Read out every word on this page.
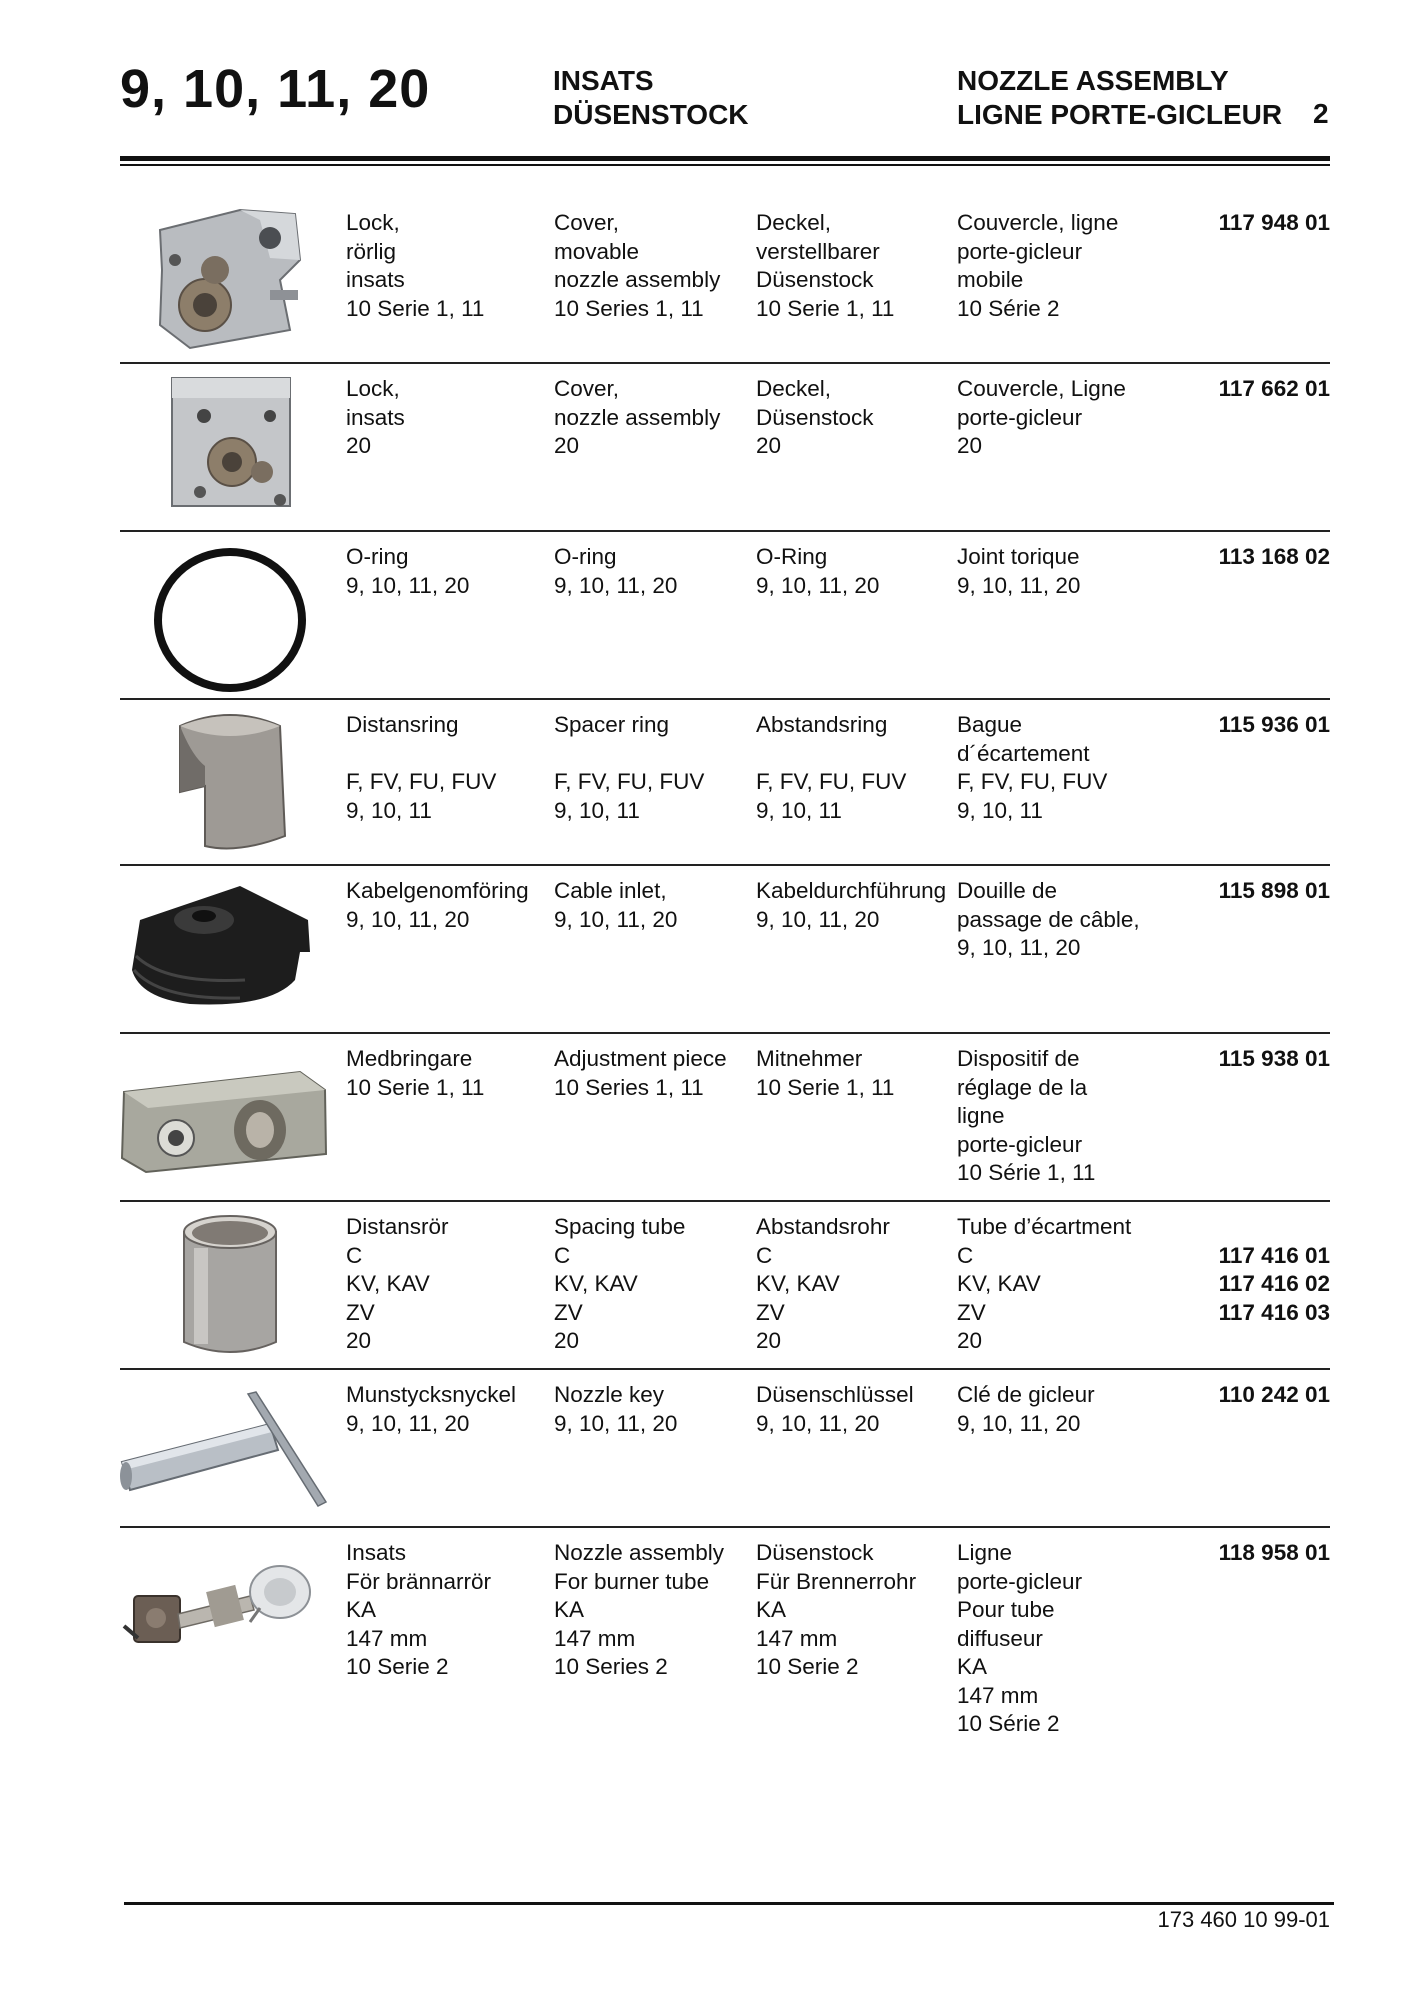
9, 10, 11, 20	INSATS
DÜSENSTOCK
NOZZLE ASSEMBLY
LIGNE PORTE-GICLEUR 2
Lock,
rörlig
insats
10 Serie 1, 11
Cover,
movable
nozzle assembly
10 Series 1, 11
Deckel,
verstellbarer
Düsenstock
10 Serie 1, 11
Couvercle, ligne
porte-gicleur
mobile
10 Série 2
117 948 01
Lock,
insats
20
Cover,
nozzle assembly
20
Deckel,
Düsenstock
20
Couvercle, Ligne
porte-gicleur
20
117 662 01
O-ring
9, 10, 11, 20
O-ring
9, 10, 11, 20
O-Ring
9, 10, 11, 20
Joint torique
9, 10, 11, 20
113 168 02
Distansring

F, FV, FU, FUV
9, 10, 11
Spacer ring

F, FV, FU, FUV
9, 10, 11
Abstandsring

F, FV, FU, FUV
9, 10, 11
Bague
d´écartement
F, FV, FU, FUV
9, 10, 11
115 936 01
Kabelgenomföring
9, 10, 11, 20
Cable inlet,
9, 10, 11, 20
Kabeldurchführung
9, 10, 11, 20
Douille de
passage de câble,
9, 10, 11, 20
115 898 01
Medbringare
10 Serie 1, 11
Adjustment piece
10 Series 1, 11
Mitnehmer
10 Serie 1, 11
Dispositif de
réglage de la
ligne
porte-gicleur
10 Série 1, 11
115 938 01
Distansrör
C
KV, KAV
ZV
20
Spacing tube
C
KV, KAV
ZV
20
Abstandsrohr
C
KV, KAV
ZV
20
Tube d’écartment
C
KV, KAV
ZV
20

117 416 01
117 416 02
117 416 03
Munstycksnyckel
9, 10, 11, 20
Nozzle key
9, 10, 11, 20
Düsenschlüssel
9, 10, 11, 20
Clé de gicleur
9, 10, 11, 20
110 242 01
Insats
För brännarrör
KA
147 mm
10 Serie 2
Nozzle assembly
For burner tube
KA
147 mm
10 Series 2
Düsenstock
Für Brennerrohr
KA
147 mm
10 Serie 2
Ligne
porte-gicleur
Pour tube
diffuseur
KA
147 mm
10 Série 2
118 958 01
173 460 10 99-01
